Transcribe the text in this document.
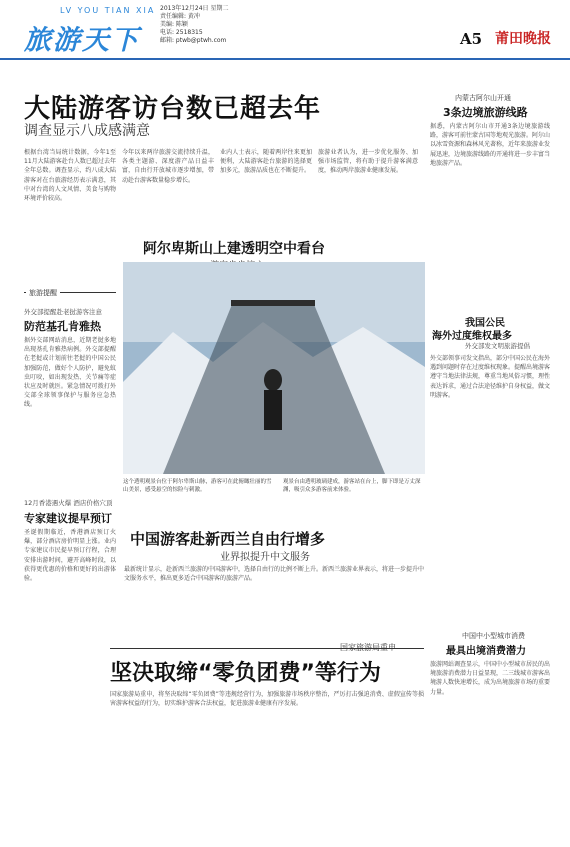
LV YOU TIAN XIA
旅游天下
2013年12月24日 星期二
责任编辑: 黄冲
美编: 陈颖
电话: 2518315
邮箱: ptwb@ptwh.com	A5 莆田晚报
大陆游客访台数已超去年
调查显示八成感满意
根据台湾当局统计数据，今年1至11月大陆游客赴台人数已超过去年全年总数。调查显示，约八成大陆游客对在台旅游经历表示满意，其中对台湾的人文风情、美食与购物环境评价较高。
今年以来两岸旅游交流持续升温，各类主题游、深度游产品日益丰富，自由行开放城市逐步增加，带动赴台游客数量稳步增长。
业内人士表示，随着两岸往来更加便利，大陆游客赴台旅游的选择更加多元，旅游品质也在不断提升。
旅游业者认为，进一步优化服务、加强市场监管，将有助于提升游客满意度，推动两岸旅游业健康发展。
旅游提醒
外交部提醒赴老挝游客注意
防范基孔肯雅热
据外交部网站消息，近期老挝多地出现基孔肯雅热病例。外交部提醒在老挝或计划前往老挝的中国公民加强防范，做好个人防护，避免蚊虫叮咬，如出现发热、关节痛等症状应及时就医。紧急情况可拨打外交部全球领事保护与服务应急热线。
12月香港遇火爆 酒店价格穴顶
专家建议提早预订
圣诞假期临近，香港酒店预订火爆，部分酒店房价明显上涨。业内专家建议市民提早预订行程，合理安排出游时间，避开高峰时段，以获得更优惠的价格和更好的出游体验。
阿尔卑斯山上建透明空中看台
这个透明观景台位于阿尔卑斯山脉，游客可在此俯瞰壮丽的雪山美景，感受悬空的惊险与刺激。
观景台由透明玻璃建成，游客站在台上，脚下即是万丈深渊，吸引众多游客前来体验。
中国游客赴新西兰自由行增多
业界拟提升中文服务
最新统计显示，赴新西兰旅游的中国游客中，选择自由行的比例不断上升。新西兰旅游业界表示，将进一步提升中文服务水平，推出更多适合中国游客的旅游产品。
国家旅游局重申
坚决取缔“零负团费”等行为
国家旅游局重申，将坚决取缔“零负团费”等违规经营行为，加强旅游市场秩序整治，严厉打击强迫消费、虚假宣传等损害游客权益的行为，切实维护游客合法权益，促进旅游业健康有序发展。
内蒙古阿尔山开通
3条边境旅游线路
据悉，内蒙古阿尔山市开通3条边境旅游线路，游客可前往蒙古国等地观光旅游。阿尔山以冰雪资源和森林风光著称，近年来旅游业发展迅速，边境旅游线路的开通将进一步丰富当地旅游产品。
我国公民
海外过度维权最多
外交部发文明旅游提倡
外交部领事司发文指出，部分中国公民在海外遇到问题时存在过度维权现象。提醒出境游客遵守当地法律法规，尊重当地风俗习惯，理性表达诉求，通过合法途径维护自身权益，做文明游客。
中国中小型城市消费
最具出境消费潜力
旅游网站调查显示，中国中小型城市居民的出境旅游消费潜力日益显现，二三线城市游客出境游人数快速增长，成为出境旅游市场的重要力量。
